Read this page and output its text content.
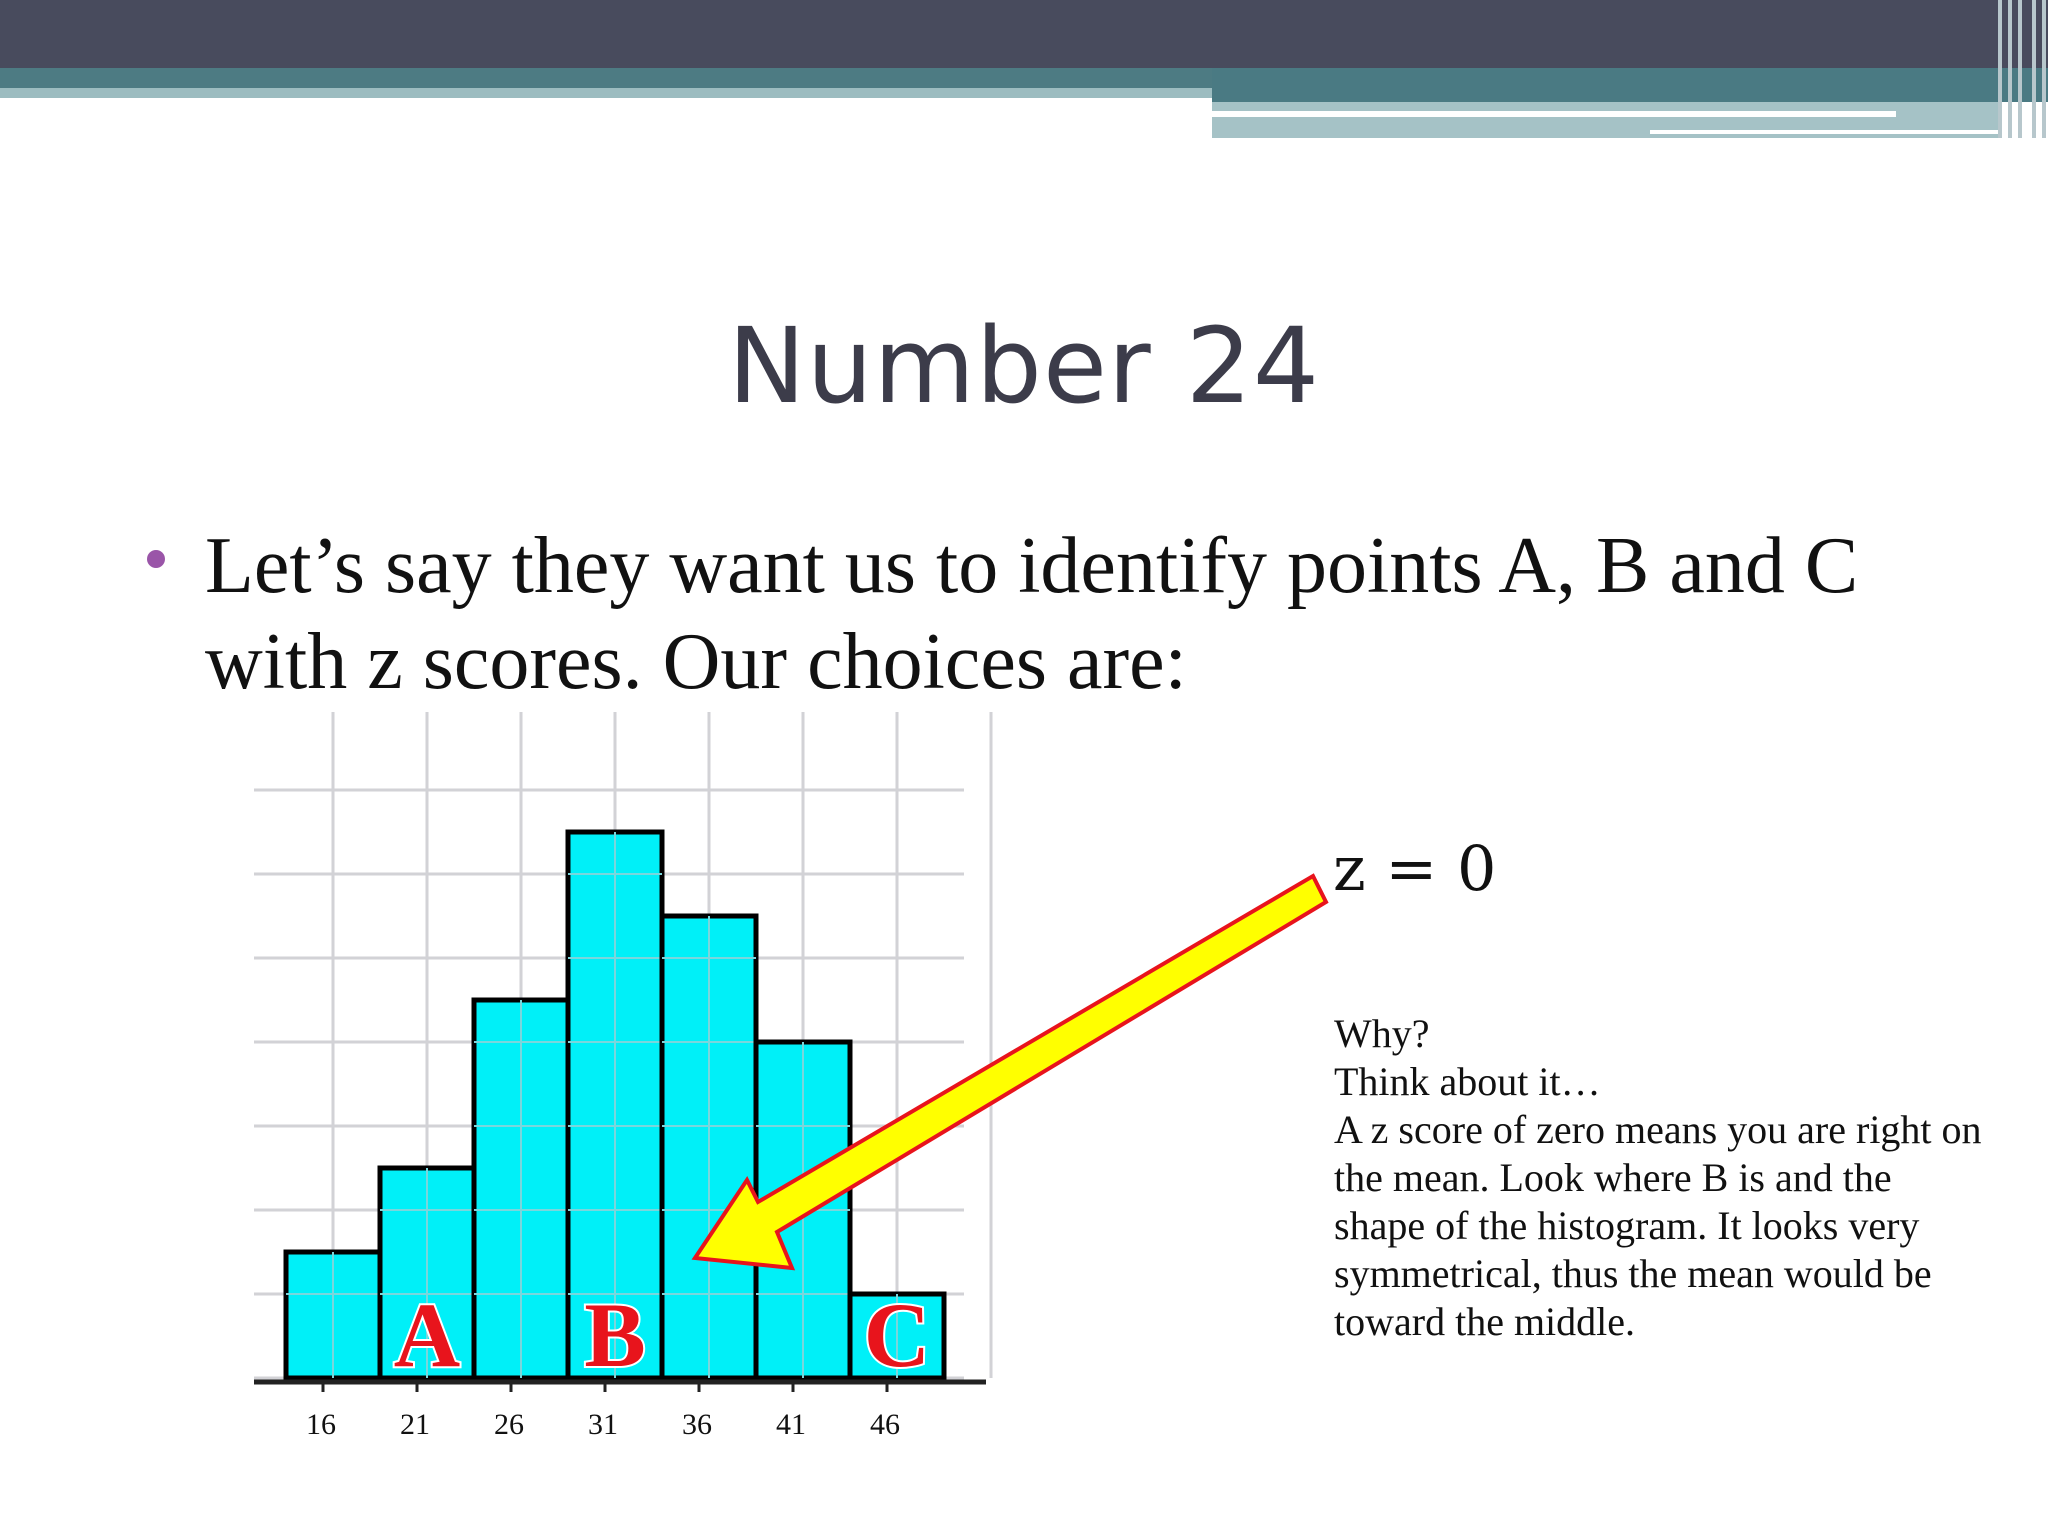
Number 24
Let’s say they want us to identify points A, B and C with z scores. Our choices are:
16 21 26 31 36 41 46
A B C
z = 0
Why?
Think about it…
A z score of zero means you are right on
the mean. Look where B is and the
shape of the histogram. It looks very
symmetrical, thus the mean would be
toward the middle.
